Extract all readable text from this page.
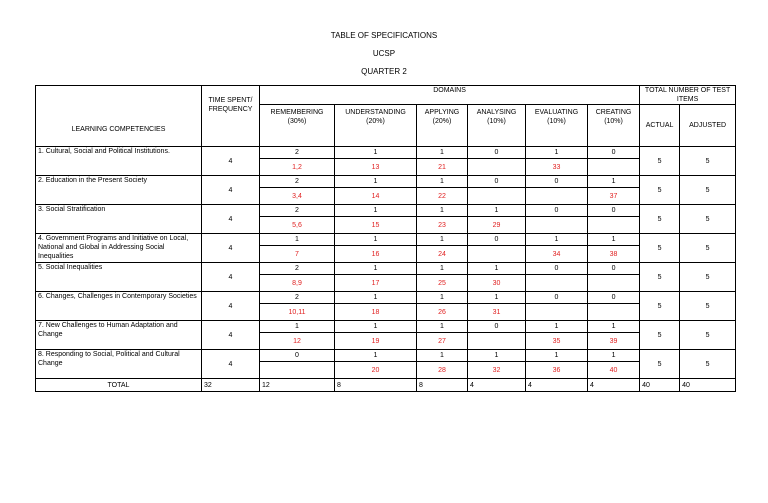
TABLE OF SPECIFICATIONS
UCSP
QUARTER 2
LEARNING COMPETENCIES	TIME SPENT/ FREQUENCY	DOMAINS						TOTAL NUMBER OF TEST ITEMS	
		REMEMBERING (30%)	UNDERSTANDING (20%)	APPLYING (20%)	ANALYSING (10%)	EVALUATING (10%)	CREATING (10%)	ACTUAL	ADJUSTED
1. Cultural, Social and Political Institutions.	4	2	1	1	0	1	0	5	5
		1,2	13	21		33			
2. Education in the Present Society	4	2	1	1	0	0	1	5	5
		3,4	14	22			37		
3. Social Stratification	4	2	1	1	1	0	0	5	5
		5,6	15	23	29				
4. Government Programs and Initiative on Local, National and Global in Addressing Social Inequalities	4	1	1	1	0	1	1	5	5
		7	16	24		34	38		
5. Social Inequalities	4	2	1	1	1	0	0	5	5
		8,9	17	25	30				
6. Changes, Challenges in Contemporary Societies	4	2	1	1	1	0	0	5	5
		10,11	18	26	31				
7. New Challenges to Human Adaptation and Change	4	1	1	1	0	1	1	5	5
		12	19	27		35	39		
8. Responding to Social, Political and Cultural Change	4	0	1	1	1	1	1	5	5
			20	28	32	36	40		
TOTAL	32	12	8	8	4	4	4	40	40
